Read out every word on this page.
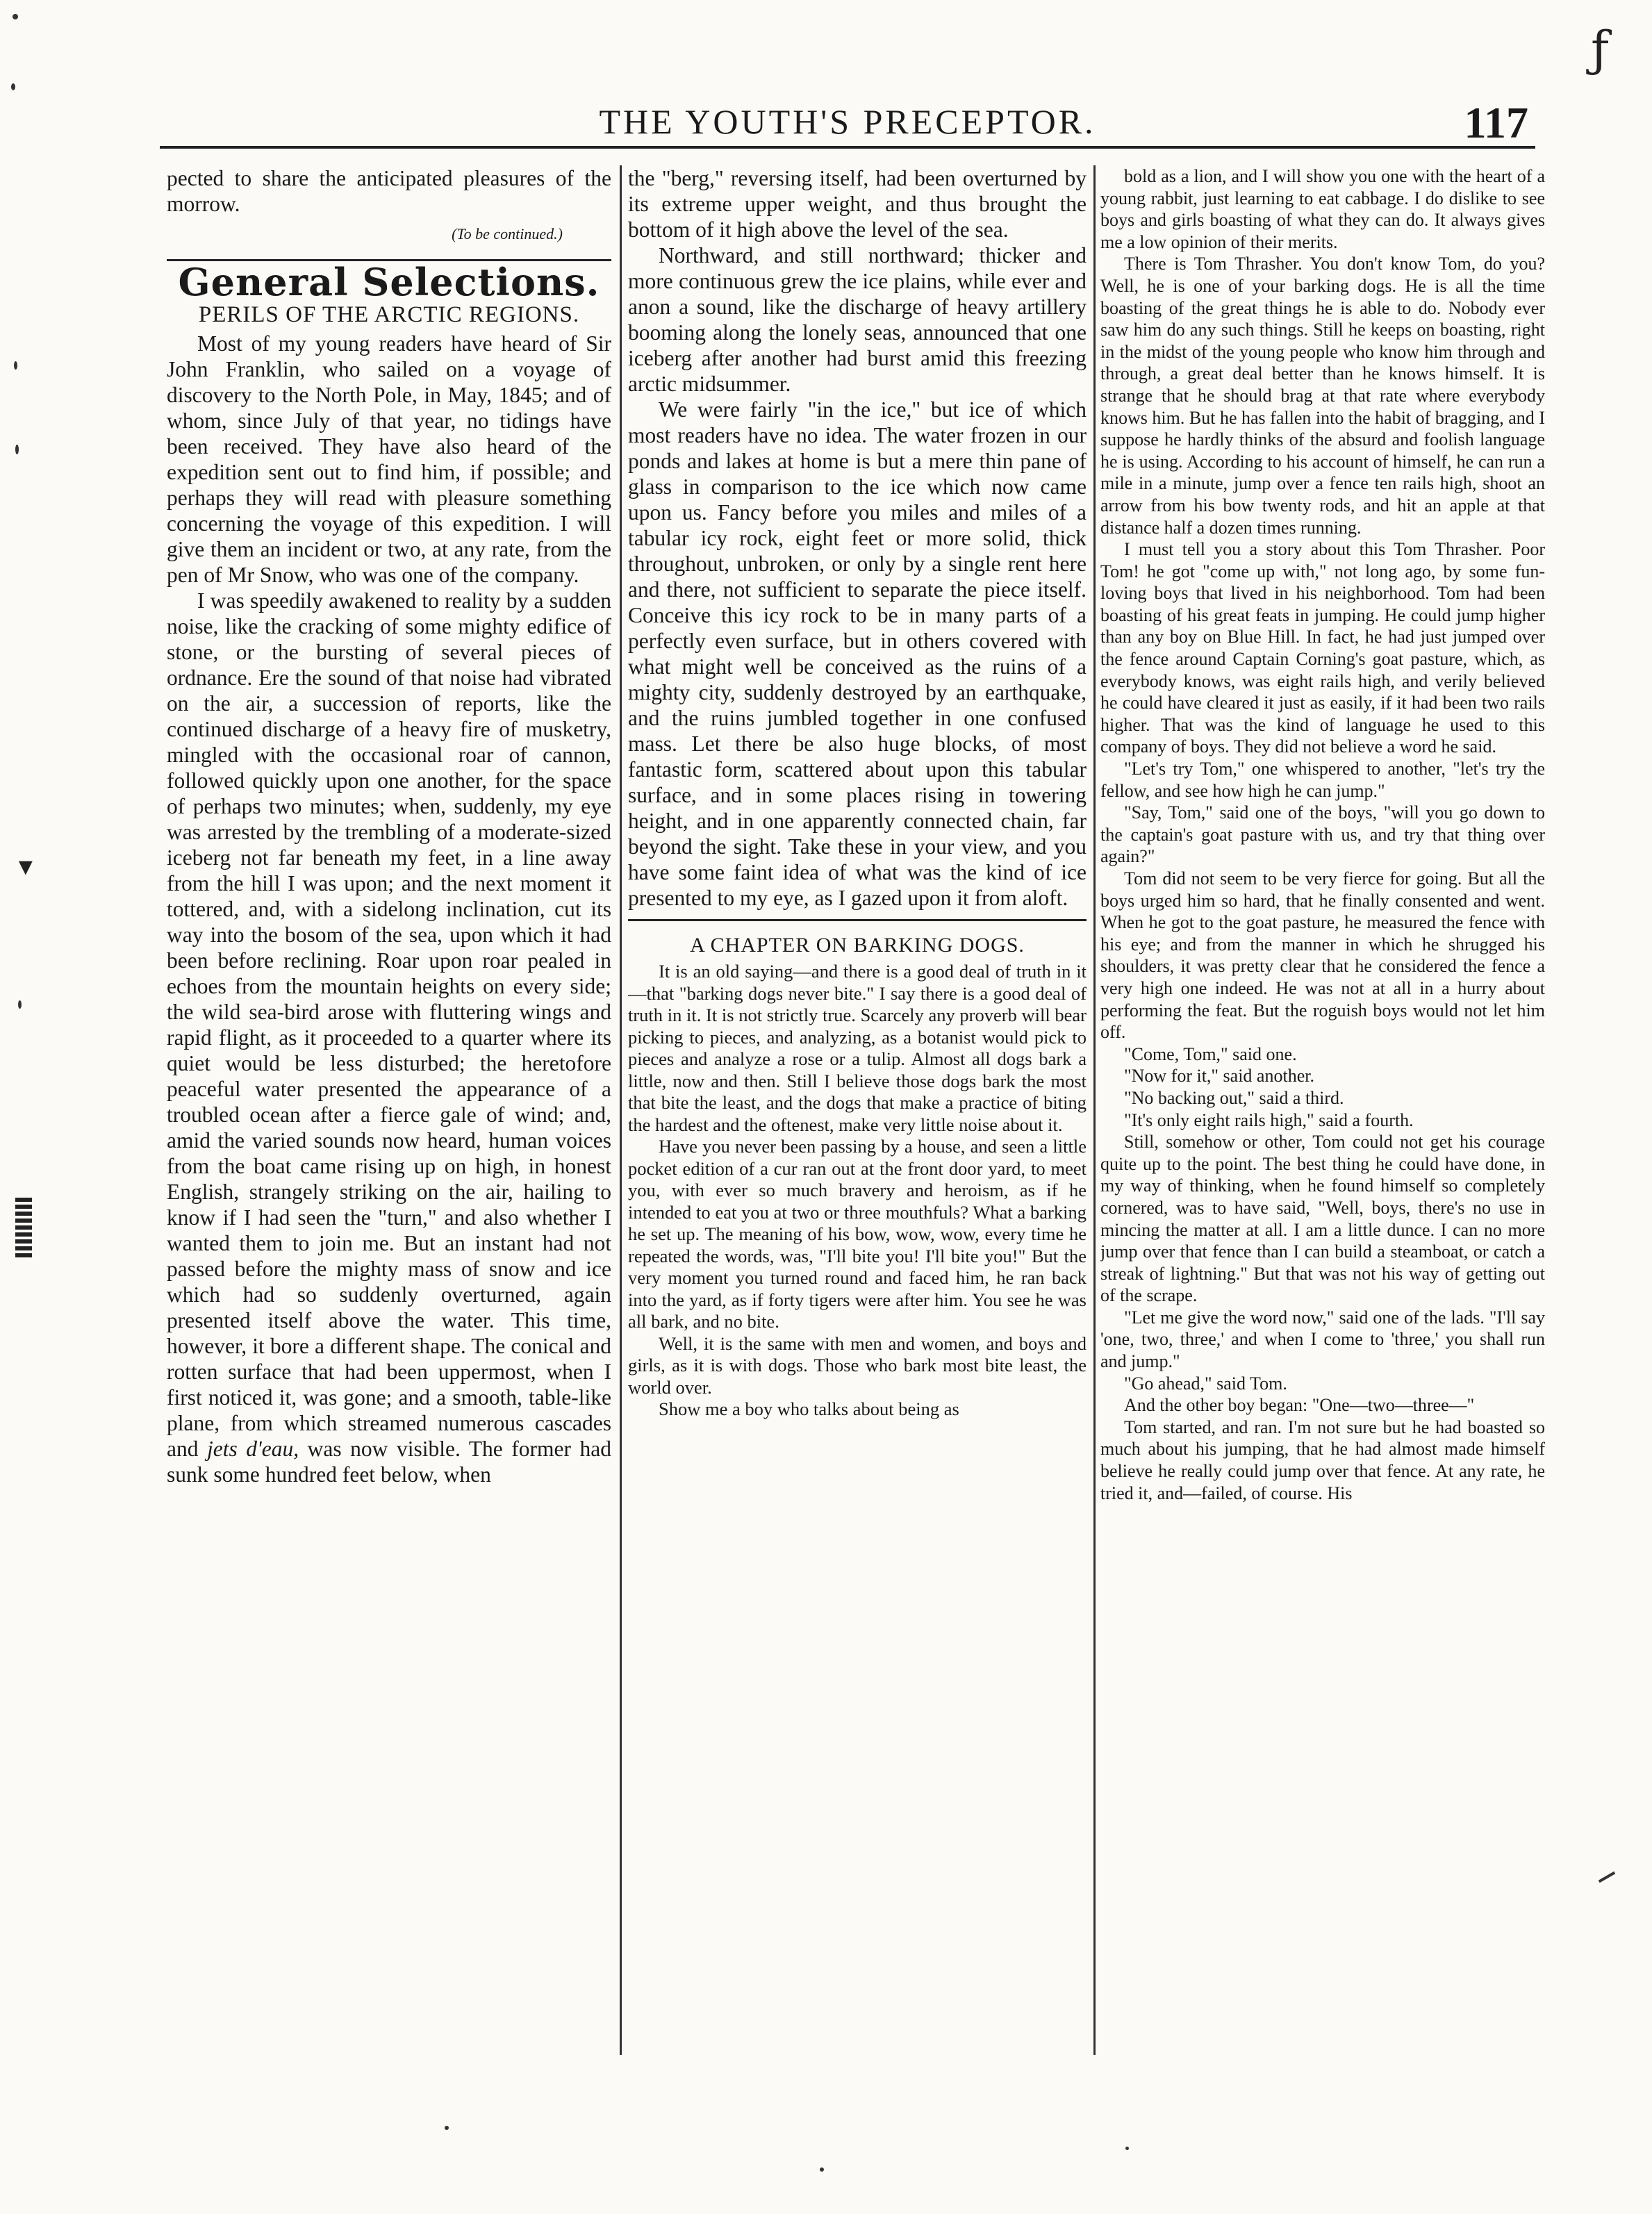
THE YOUTH'S PRECEPTOR.	117

pected to share the anticipated pleasures of the morrow.

(To be continued.)
General Selections.
PERILS OF THE ARCTIC REGIONS.

Most of my young readers have heard of Sir John Franklin, who sailed on a voyage of discovery to the North Pole, in May, 1845; and of whom, since July of that year, no tidings have been received. They have also heard of the expedition sent out to find him, if possible; and perhaps they will read with pleasure something concerning the voyage of this expedition. I will give them an incident or two, at any rate, from the pen of Mr Snow, who was one of the company.

I was speedily awakened to reality by a sudden noise, like the cracking of some mighty edifice of stone, or the bursting of several pieces of ordnance. Ere the sound of that noise had vibrated on the air, a succession of reports, like the continued discharge of a heavy fire of musketry, mingled with the occasional roar of cannon, followed quickly upon one another, for the space of perhaps two minutes; when, suddenly, my eye was arrested by the trembling of a moderate-sized iceberg not far beneath my feet, in a line away from the hill I was upon; and the next moment it tottered, and, with a sidelong inclination, cut its way into the bosom of the sea, upon which it had been before reclining. Roar upon roar pealed in echoes from the mountain heights on every side; the wild sea-bird arose with fluttering wings and rapid flight, as it proceeded to a quarter where its quiet would be less disturbed; the heretofore peaceful water presented the appearance of a troubled ocean after a fierce gale of wind; and, amid the varied sounds now heard, human voices from the boat came rising up on high, in honest English, strangely striking on the air, hailing to know if I had seen the "turn," and also whether I wanted them to join me. But an instant had not passed before the mighty mass of snow and ice which had so suddenly overturned, again presented itself above the water. This time, however, it bore a different shape. The conical and rotten surface that had been uppermost, when I first noticed it, was gone; and a smooth, table-like plane, from which streamed numerous cascades and jets d'eau, was now visible. The former had sunk some hundred feet below, when

the "berg," reversing itself, had been overturned by its extreme upper weight, and thus brought the bottom of it high above the level of the sea.

Northward, and still northward; thicker and more continuous grew the ice plains, while ever and anon a sound, like the discharge of heavy artillery booming along the lonely seas, announced that one iceberg after another had burst amid this freezing arctic midsummer.

We were fairly "in the ice," but ice of which most readers have no idea. The water frozen in our ponds and lakes at home is but a mere thin pane of glass in comparison to the ice which now came upon us. Fancy before you miles and miles of a tabular icy rock, eight feet or more solid, thick throughout, unbroken, or only by a single rent here and there, not sufficient to separate the piece itself. Conceive this icy rock to be in many parts of a perfectly even surface, but in others covered with what might well be conceived as the ruins of a mighty city, suddenly destroyed by an earthquake, and the ruins jumbled together in one confused mass. Let there be also huge blocks, of most fantastic form, scattered about upon this tabular surface, and in some places rising in towering height, and in one apparently connected chain, far beyond the sight. Take these in your view, and you have some faint idea of what was the kind of ice presented to my eye, as I gazed upon it from aloft.

A CHAPTER ON BARKING DOGS.

It is an old saying—and there is a good deal of truth in it—that "barking dogs never bite." I say there is a good deal of truth in it. It is not strictly true. Scarcely any proverb will bear picking to pieces, and analyzing, as a botanist would pick to pieces and analyze a rose or a tulip. Almost all dogs bark a little, now and then. Still I believe those dogs bark the most that bite the least, and the dogs that make a practice of biting the hardest and the oftenest, make very little noise about it.

Have you never been passing by a house, and seen a little pocket edition of a cur ran out at the front door yard, to meet you, with ever so much bravery and heroism, as if he intended to eat you at two or three mouthfuls? What a barking he set up. The meaning of his bow, wow, wow, every time he repeated the words, was, "I'll bite you! I'll bite you!" But the very moment you turned round and faced him, he ran back into the yard, as if forty tigers were after him. You see he was all bark, and no bite.

Well, it is the same with men and women, and boys and girls, as it is with dogs. Those who bark most bite least, the world over.

Show me a boy who talks about being as

bold as a lion, and I will show you one with the heart of a young rabbit, just learning to eat cabbage. I do dislike to see boys and girls boasting of what they can do. It always gives me a low opinion of their merits.

There is Tom Thrasher. You don't know Tom, do you? Well, he is one of your barking dogs. He is all the time boasting of the great things he is able to do. Nobody ever saw him do any such things. Still he keeps on boasting, right in the midst of the young people who know him through and through, a great deal better than he knows himself. It is strange that he should brag at that rate where everybody knows him. But he has fallen into the habit of bragging, and I suppose he hardly thinks of the absurd and foolish language he is using. According to his account of himself, he can run a mile in a minute, jump over a fence ten rails high, shoot an arrow from his bow twenty rods, and hit an apple at that distance half a dozen times running.

I must tell you a story about this Tom Thrasher. Poor Tom! he got "come up with," not long ago, by some fun-loving boys that lived in his neighborhood. Tom had been boasting of his great feats in jumping. He could jump higher than any boy on Blue Hill. In fact, he had just jumped over the fence around Captain Corning's goat pasture, which, as everybody knows, was eight rails high, and verily believed he could have cleared it just as easily, if it had been two rails higher. That was the kind of language he used to this company of boys. They did not believe a word he said.

"Let's try Tom," one whispered to another, "let's try the fellow, and see how high he can jump."

"Say, Tom," said one of the boys, "will you go down to the captain's goat pasture with us, and try that thing over again?"

Tom did not seem to be very fierce for going. But all the boys urged him so hard, that he finally consented and went. When he got to the goat pasture, he measured the fence with his eye; and from the manner in which he shrugged his shoulders, it was pretty clear that he considered the fence a very high one indeed. He was not at all in a hurry about performing the feat. But the roguish boys would not let him off.

"Come, Tom," said one.

"Now for it," said another.

"No backing out," said a third.

"It's only eight rails high," said a fourth.

Still, somehow or other, Tom could not get his courage quite up to the point. The best thing he could have done, in my way of thinking, when he found himself so completely cornered, was to have said, "Well, boys, there's no use in mincing the matter at all. I am a little dunce. I can no more jump over that fence than I can build a steamboat, or catch a streak of lightning." But that was not his way of getting out of the scrape.

"Let me give the word now," said one of the lads. "I'll say 'one, two, three,' and when I come to 'three,' you shall run and jump."

"Go ahead," said Tom.

And the other boy began: "One—two—three—"

Tom started, and ran. I'm not sure but he had boasted so much about his jumping, that he had almost made himself believe he really could jump over that fence. At any rate, he tried it, and—failed, of course. His

▼
ƒ
